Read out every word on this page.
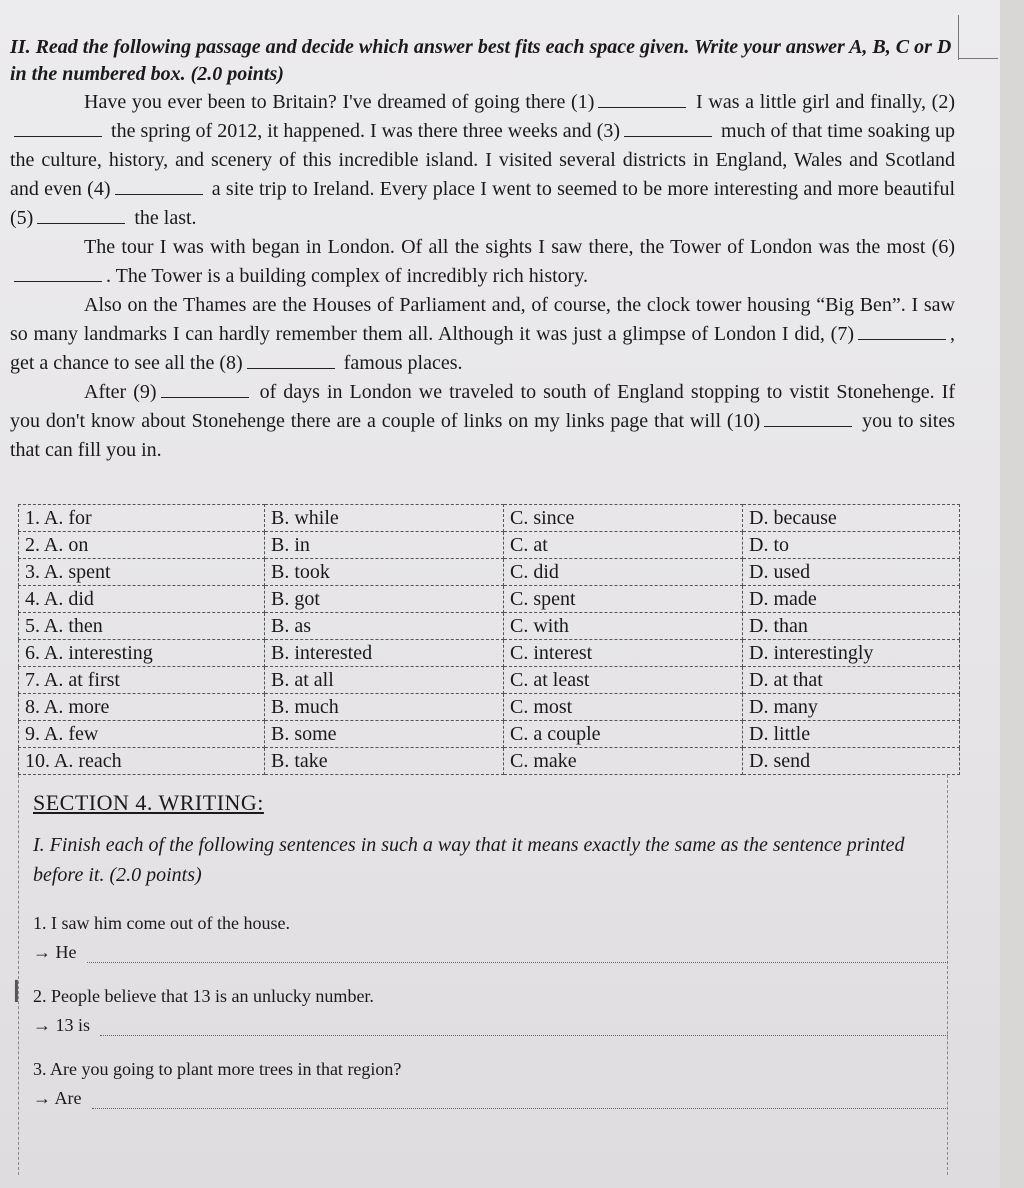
II. Read the following passage and decide which answer best fits each space given. Write your answer A, B, C or D in the numbered box. (2.0 points)

Have you ever been to Britain? I've dreamed of going there (1)	I was a little girl and finally, (2) the spring of 2012, it happened. I was there three weeks and (3)	much of that time soaking up the culture, history, and scenery of this incredible island. I visited several districts in England, Wales and Scotland and even (4)	a site trip to Ireland. Every place I went to seemed to be more interesting and more beautiful (5)	the last.

The tour I was with began in London. Of all the sights I saw there, the Tower of London was the most (6). The Tower is a building complex of incredibly rich history.

Also on the Thames are the Houses of Parliament and, of course, the clock tower housing “Big Ben”. I saw so many landmarks I can hardly remember them all. Although it was just a glimpse of London I did, (7)	, get a chance to see all the (8)	famous places.

After (9)	of days in London we traveled to south of England stopping to vistit Stonehenge. If you don't know about Stonehenge there are a couple of links on my links page that will (10)	you to sites that can fill you in.

1. A. for	B. while	C. since	D. because
2. A. on	B. in	C. at	D. to
3. A. spent	B. took	C. did	D. used
4. A. did	B. got	C. spent	D. made
5. A. then	B. as	C. with	D. than
6. A. interesting	B. interested	C. interest	D. interestingly
7. A. at first	B. at all	C. at least	D. at that
8. A. more	B. much	C. most	D. many
9. A. few	B. some	C. a couple	D. little
10. A. reach	B. take	C. make	D. send

SECTION 4. WRITING:

I. Finish each of the following sentences in such a way that it means exactly the same as the sentence printed before it. (2.0 points)

1. I saw him come out of the house.

→ He

2. People believe that 13 is an unlucky number.

→ 13 is

3. Are you going to plant more trees in that region?

→ Are
I
